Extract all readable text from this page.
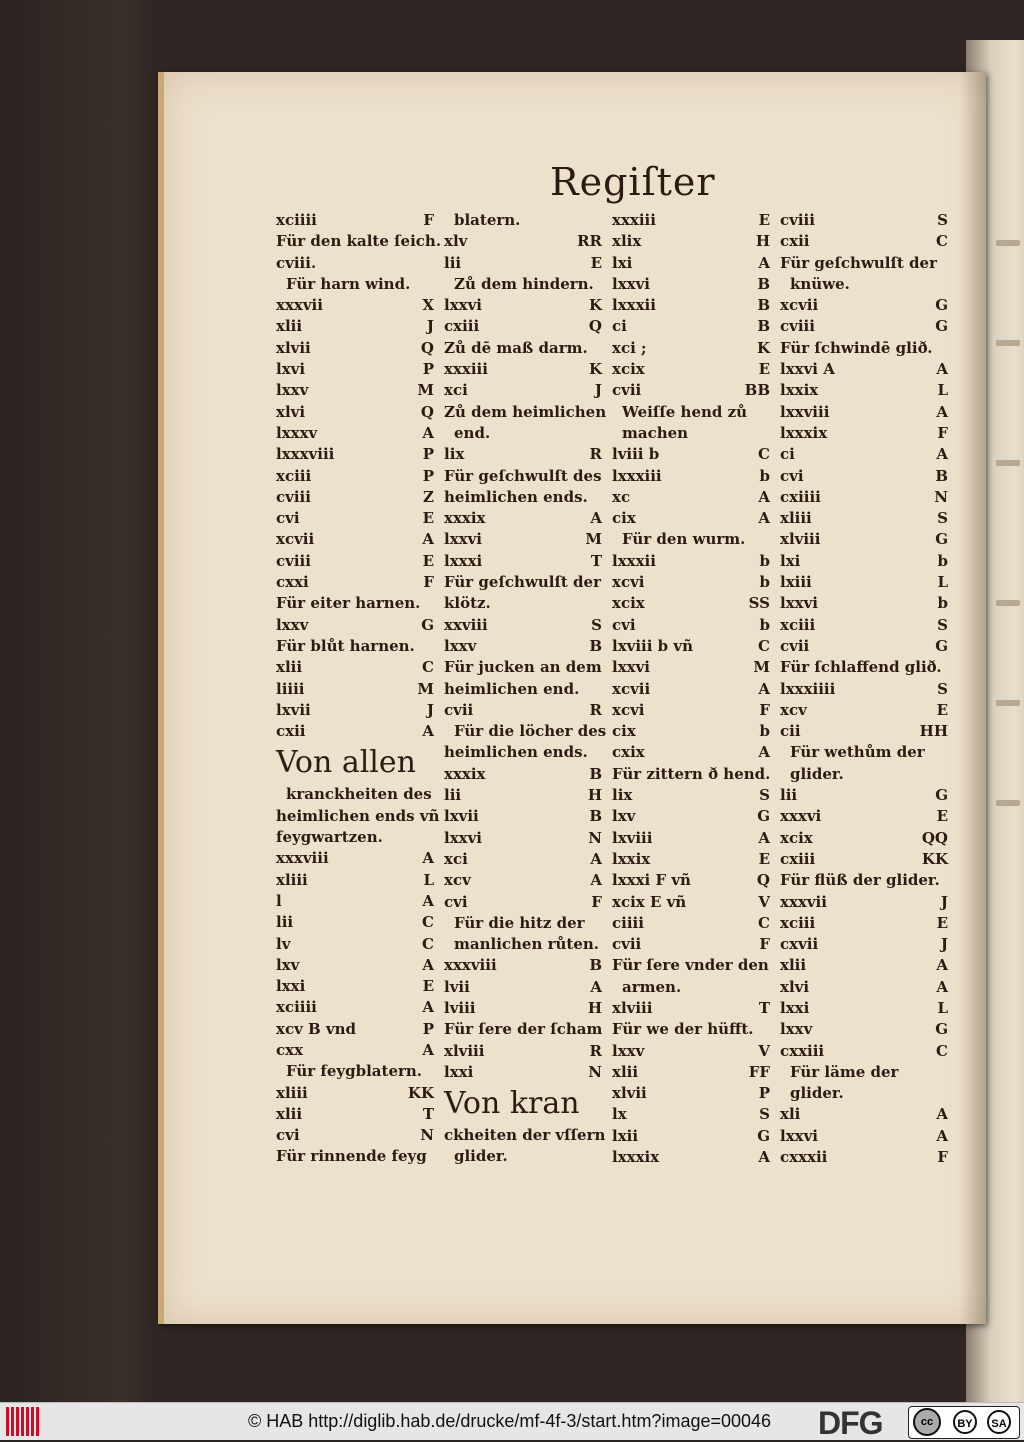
Regiſter
xciiii	F
Für den kalte ſeich.
cviii.
Für harn wind.
xxxvii	X
xlii	J
xlvii	Q
lxvi	P
lxxv	M
xlvi	Q
lxxxv	A
lxxxviii	P
xciii	P
cviii	Z
cvi	E
xcvii	A
cviii	E
cxxi	F
Für eiter harnen.
lxxv	G
Für blůt harnen.
xlii	C
liiii	M
lxvii	J
cxii	A
Von allen
kranckheiten des
heimlichen ends vñ
feygwartzen.
xxxviii	A
xliii	L
l	A
lii	C
lv	C
lxv	A
lxxi	E
xciiii	A
xcv B vnd	P
cxx	A
Für feygblatern.
xliii	KK
xlii	T
cvi	N
Für rinnende feyg
blatern.
xlv	RR
lii	E
Zů dem hindern.
lxxvi	K
cxiii	Q
Zů dē maß darm.
xxxiii	K
xci	J
Zů dem heimlichen
end.
lix	R
Für geſchwulſt des
heimlichen ends.
xxxix	A
lxxvi	M
lxxxi	T
Für geſchwulſt der
klötz.
xxviii	S
lxxv	B
Für jucken an dem
heimlichen end.
cvii	R
Für die löcher des
heimlichen ends.
xxxix	B
lii	H
lxvii	B
lxxvi	N
xci	A
xcv	A
cvi	F
Für die hitz der
manlichen růten.
xxxviii	B
lvii	A
lviii	H
Für ſere der ſcham
xlviii	R
lxxi	N
Von kran
ckheiten der vſſern
glider.
xxxiii	E
xlix	H
lxi	A
lxxvi	B
lxxxii	B
ci	B
xci ;	K
xcix	E
cvii	BB
Weiſſe hend zů
machen
lviii b	C
lxxxiii	b
xc	A
cix	A
Für den wurm.
lxxxii	b
xcvi	b
xcix	SS
cvi	b
lxviii b vñ	C
lxxvi	M
xcvii	A
xcvi	F
cix	b
cxix	A
Für zittern ð hend.
lix	S
lxv	G
lxviii	A
lxxix	E
lxxxi F vñ	Q
xcix E vñ	V
ciiii	C
cvii	F
Für ſere vnder den
armen.
xlviii	T
Für we der hüfft.
lxxv	V
xlii	FF
xlvii	P
lx	S
lxii	G
lxxxix	A
cviii	S
cxii	C
Für geſchwulſt der
knüwe.
xcvii	G
cviii	G
Für ſchwindē glið.
lxxvi A	A
lxxix	L
lxxviii	A
lxxxix	F
ci	A
cvi	B
cxiiii	N
xliii	S
xlviii	G
lxi	b
lxiii	L
lxxvi	b
xciii	S
cvii	G
Für ſchlaffend glið.
lxxxiiii	S
xcv	E
cii	HH
Für wethům der
glider.
lii	G
xxxvi	E
xcix	QQ
cxiii	KK
Für flüß der glider.
xxxvii	J
xciii	E
cxvii	J
xlii	A
xlvi	A
lxxi	L
lxxv	G
cxxiii	C
Für läme der
glider.
xli	A
lxxvi	A
cxxxii	F
© HAB http://diglib.hab.de/drucke/mf-4f-3/start.htm?image=00046 DFG	cc	BY	SA
